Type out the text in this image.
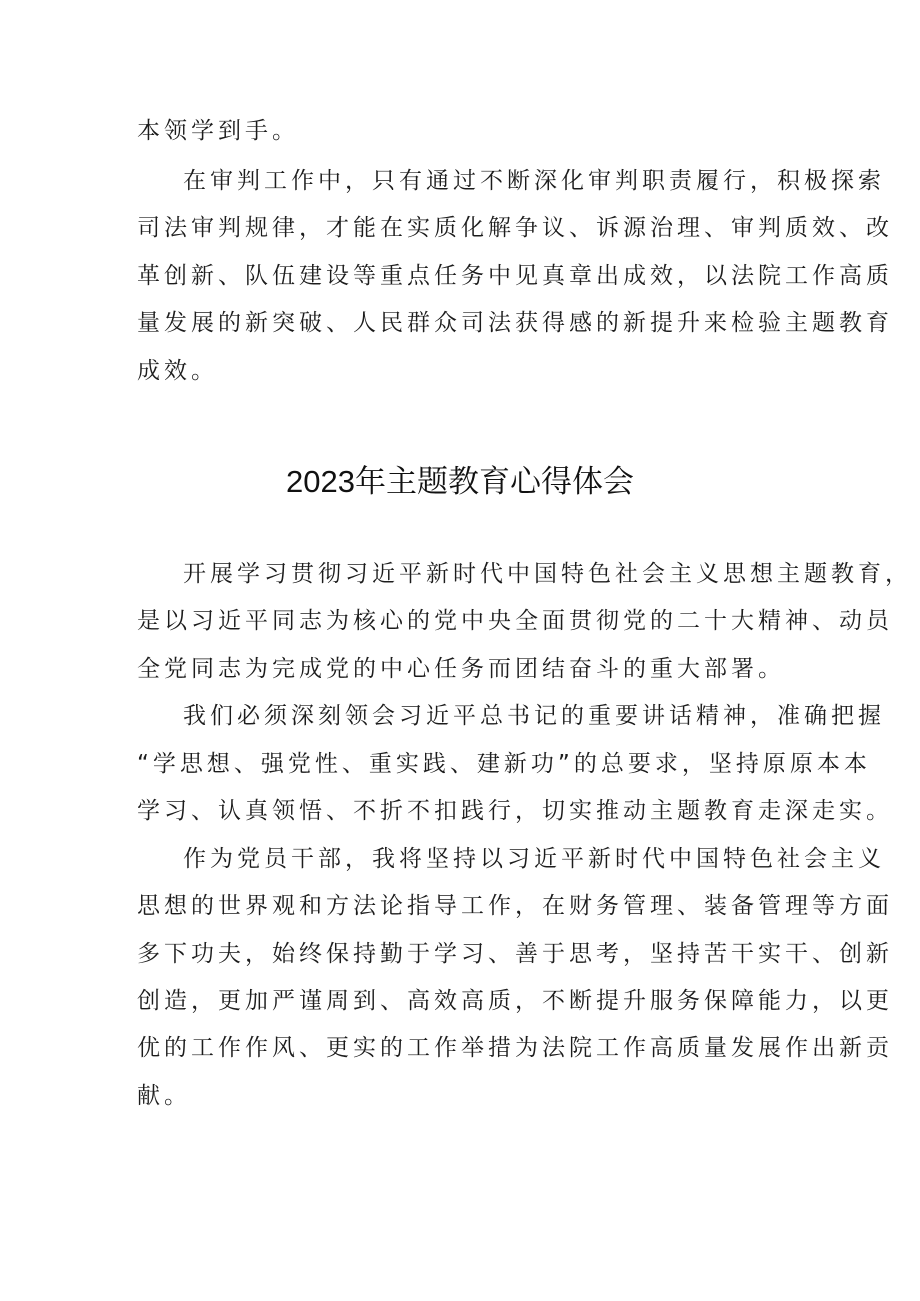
本领学到手。
在审判工作中，只有通过不断深化审判职责履行，积极探索
司法审判规律，才能在实质化解争议、诉源治理、审判质效、改
革创新、队伍建设等重点任务中见真章出成效，以法院工作高质
量发展的新突破、人民群众司法获得感的新提升来检验主题教育
成效。
2023年主题教育心得体会
开展学习贯彻习近平新时代中国特色社会主义思想主题教育，
是以习近平同志为核心的党中央全面贯彻党的二十大精神、动员
全党同志为完成党的中心任务而团结奋斗的重大部署。
我们必须深刻领会习近平总书记的重要讲话精神，准确把握
“学思想、强党性、重实践、建新功”的总要求，坚持原原本本
学习、认真领悟、不折不扣践行，切实推动主题教育走深走实。
作为党员干部，我将坚持以习近平新时代中国特色社会主义
思想的世界观和方法论指导工作，在财务管理、装备管理等方面
多下功夫，始终保持勤于学习、善于思考，坚持苦干实干、创新
创造，更加严谨周到、高效高质，不断提升服务保障能力，以更
优的工作作风、更实的工作举措为法院工作高质量发展作出新贡
献。
